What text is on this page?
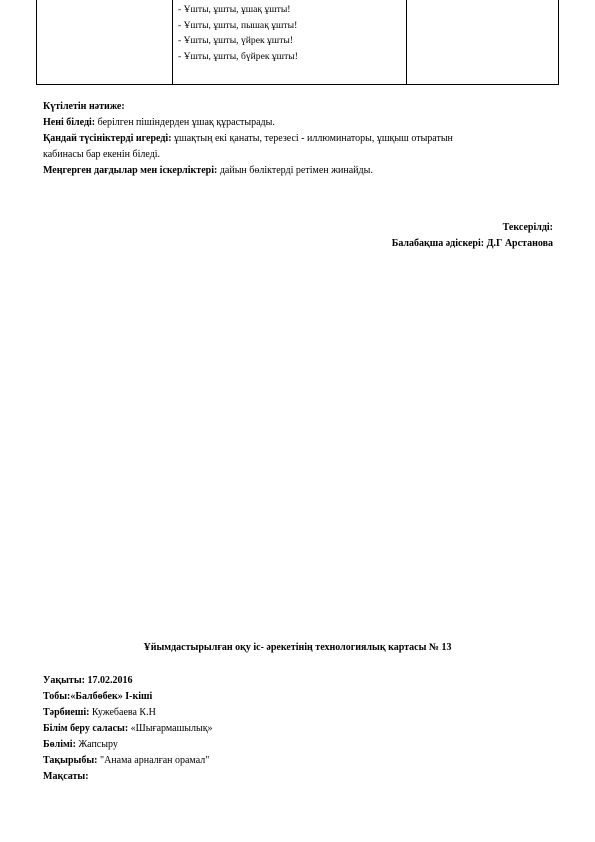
- Ұшты, ұшты, ұшақ ұшты!
- Ұшты, ұшты, пышақ ұшты!
- Ұшты, ұшты, үйрек ұшты!
- Ұшты, ұшты, бүйрек ұшты!

Күтілетін нәтиже:

Нені біледі: берілген пішіндерден ұшақ құрастырады.

Қандай түсініктерді игереді: ұшақтың екі қанаты, терезесі - иллюминаторы, ұшқыш отыратын

кабинасы бар екенін біледі.

Меңгерген дағдылар мен іскерліктері: дайын бөліктерді ретімен жинайды.

Тексерілді:
Балабақша әдіскері: Д.Г Арстанова
Ұйымдастырылған оқу іс- әрекетінің технологиялық картасы № 13

Уақыты: 17.02.2016

Тобы:«Балбөбек» I-кіші

Тәрбиеші: Кужебаева К.Н

Білім беру саласы: «Шығармашылық»

Бөлімі: Жапсыру

Тақырыбы: "Анама арналған орамал"

Мақсаты:
